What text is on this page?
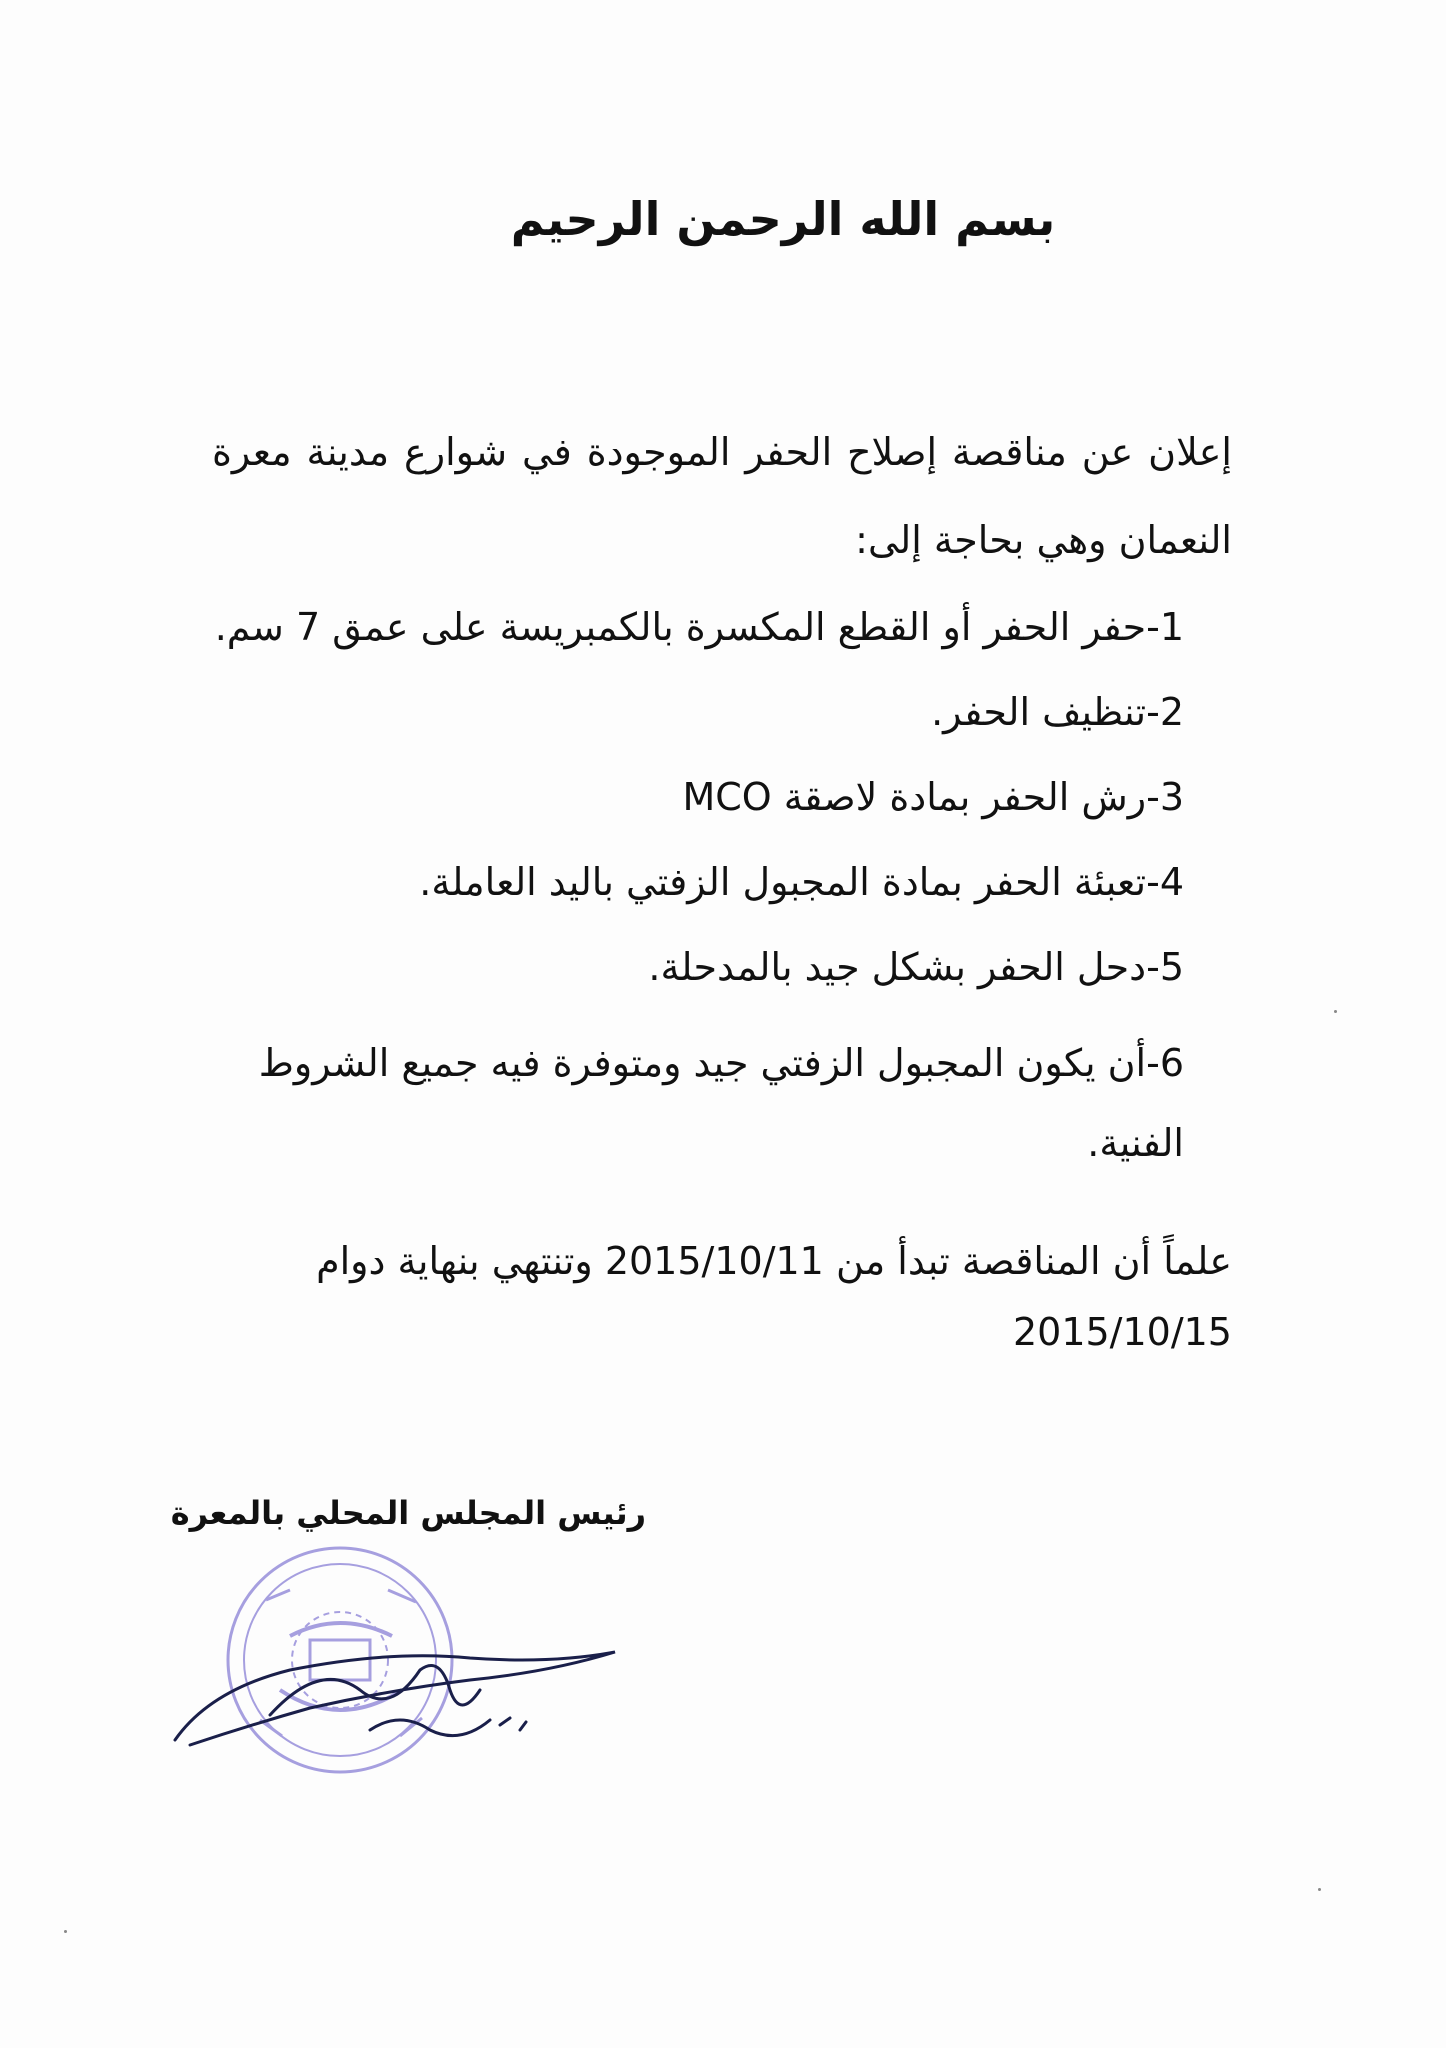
بسم الله الرحمن الرحيم
إعلان عن مناقصة إصلاح الحفر الموجودة في شوارع مدينة معرة النعمان وهي بحاجة إلى:
1-حفر الحفر أو القطع المكسرة بالكمبريسة على عمق 7 سم.
2-تنظيف الحفر.
3-رش الحفر بمادة لاصقة MCO
4-تعبئة الحفر بمادة المجبول الزفتي باليد العاملة.
5-دحل الحفر بشكل جيد بالمدحلة.
6-أن يكون المجبول الزفتي جيد ومتوفرة فيه جميع الشروط الفنية.
علماً أن المناقصة تبدأ من 2015/10/11 وتنتهي بنهاية دوام
2015/10/15
رئيس المجلس المحلي بالمعرة
